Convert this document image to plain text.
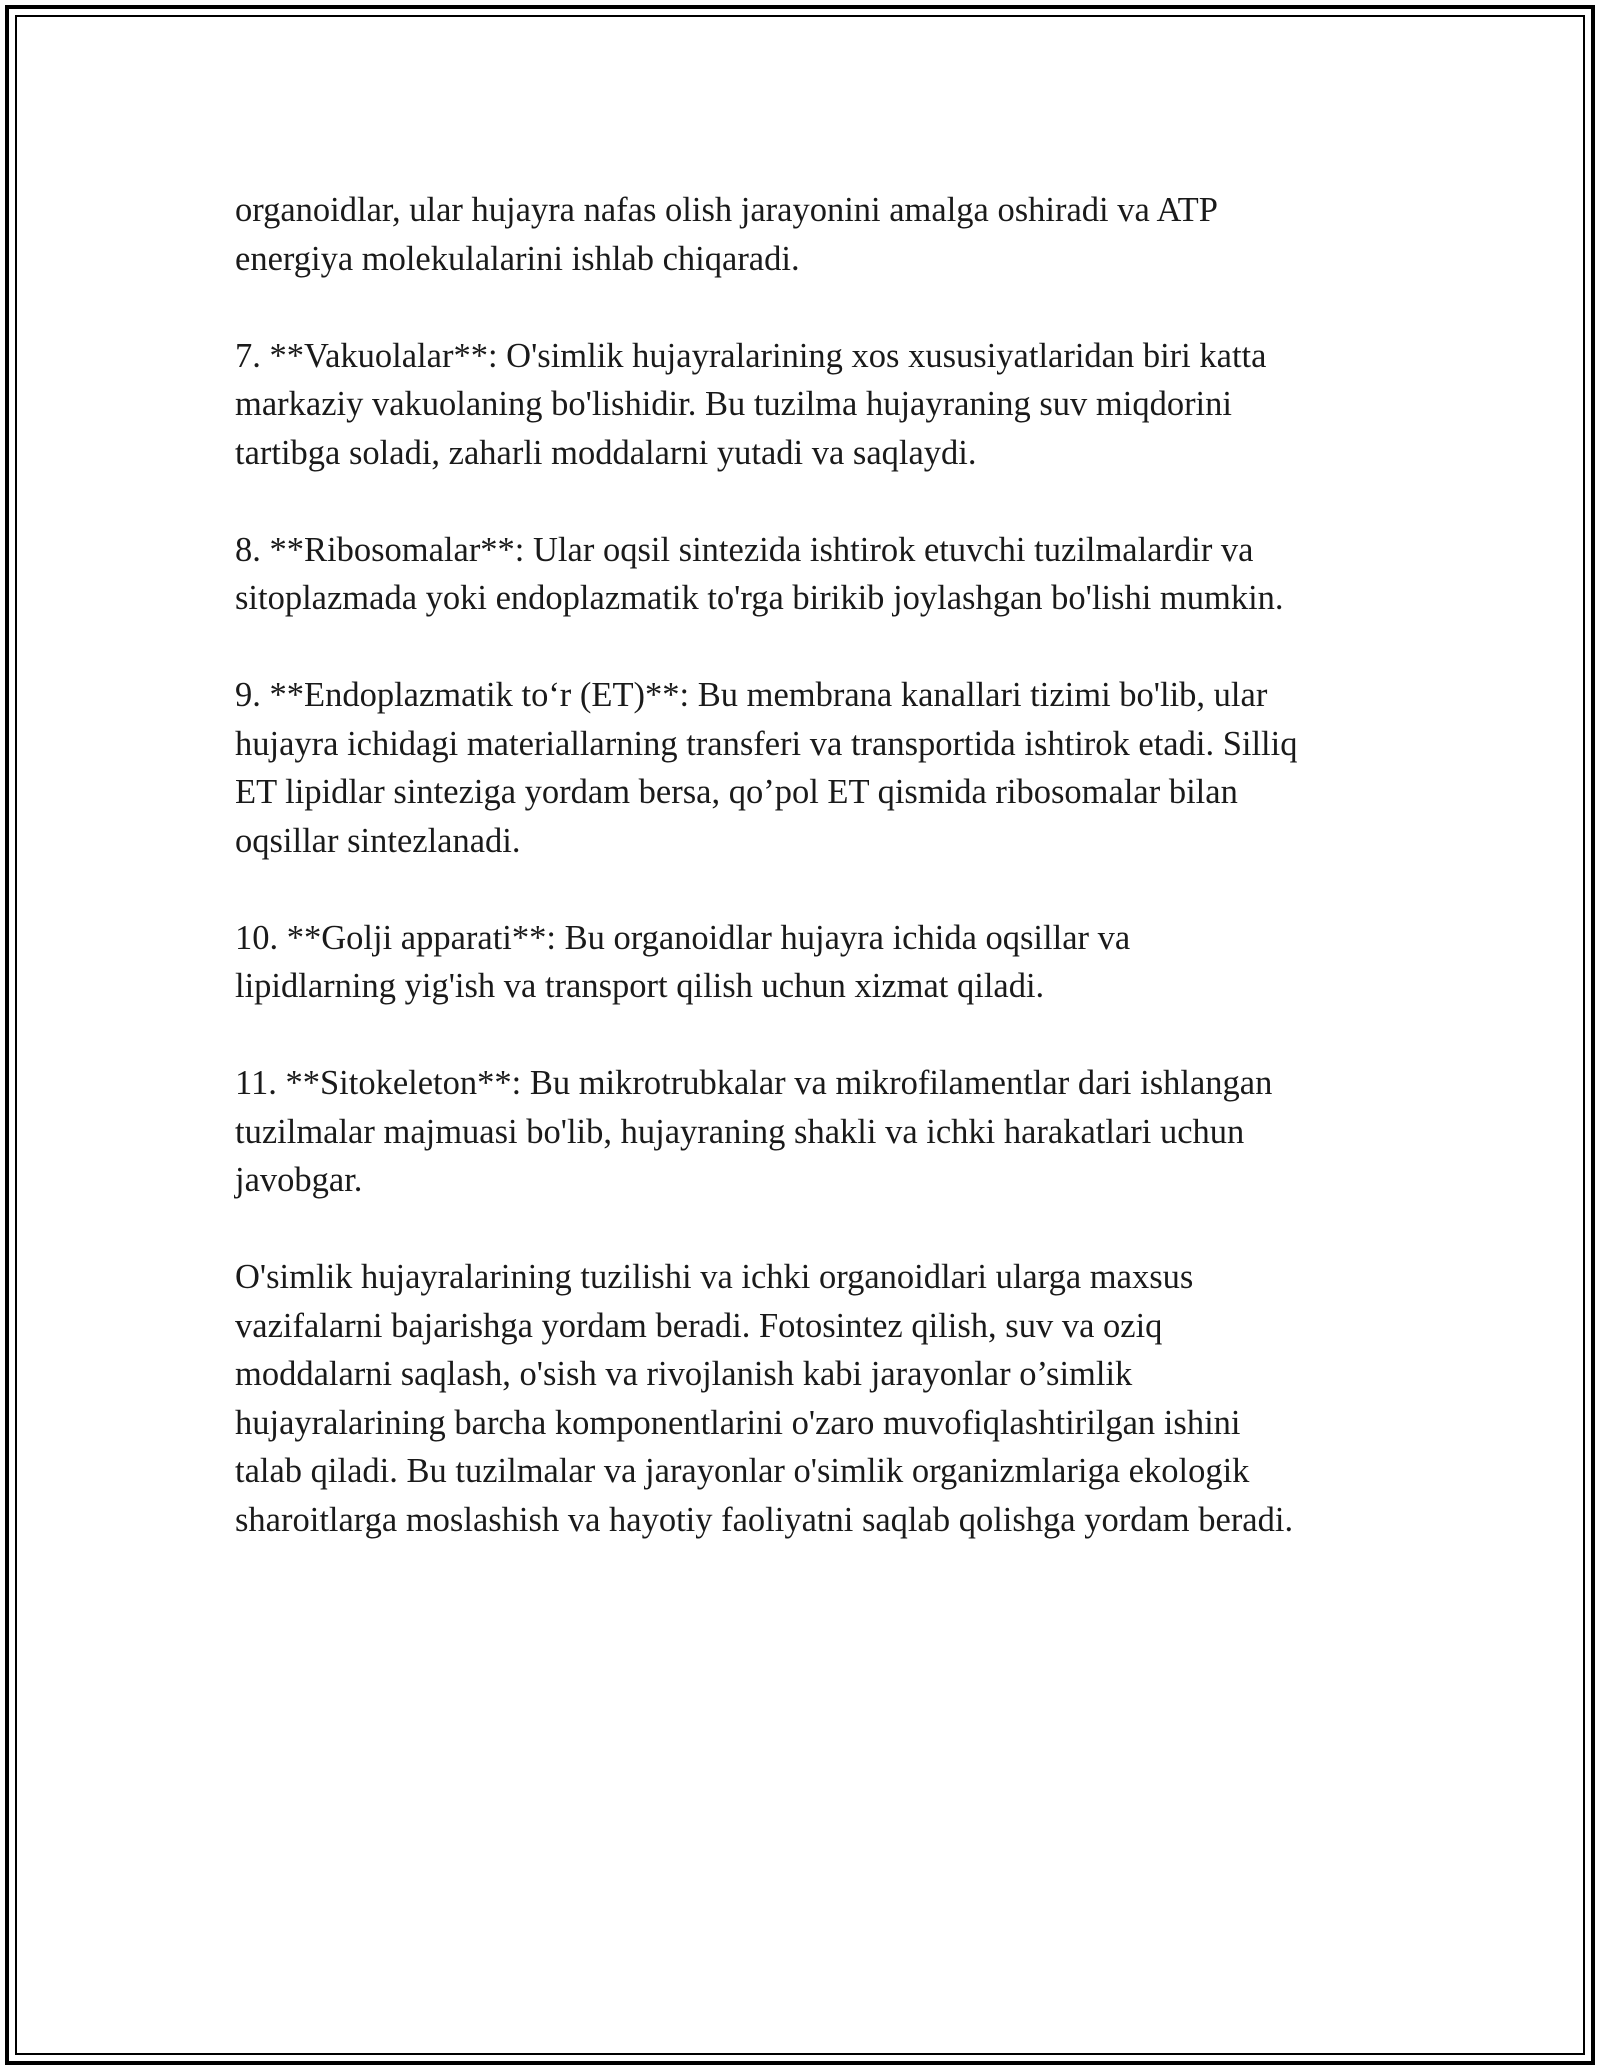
organoidlar, ular hujayra nafas olish jarayonini amalga oshiradi va ATP
energiya molekulalarini ishlab chiqaradi.

7. **Vakuolalar**: O'simlik hujayralarining xos xususiyatlaridan biri katta
markaziy vakuolaning bo'lishidir. Bu tuzilma hujayraning suv miqdorini
tartibga soladi, zaharli moddalarni yutadi va saqlaydi.

8. **Ribosomalar**: Ular oqsil sintezida ishtirok etuvchi tuzilmalardir va
sitoplazmada yoki endoplazmatik to'rga birikib joylashgan bo'lishi mumkin.

9. **Endoplazmatik to‘r (ET)**: Bu membrana kanallari tizimi bo'lib, ular
hujayra ichidagi materiallarning transferi va transportida ishtirok etadi. Silliq
ET lipidlar sinteziga yordam bersa, qo’pol ET qismida ribosomalar bilan
oqsillar sintezlanadi.

10. **Golji apparati**: Bu organoidlar hujayra ichida oqsillar va
lipidlarning yig'ish va transport qilish uchun xizmat qiladi.

11. **Sitokeleton**: Bu mikrotrubkalar va mikrofilamentlar dari ishlangan
tuzilmalar majmuasi bo'lib, hujayraning shakli va ichki harakatlari uchun
javobgar.

O'simlik hujayralarining tuzilishi va ichki organoidlari ularga maxsus
vazifalarni bajarishga yordam beradi. Fotosintez qilish, suv va oziq
moddalarni saqlash, o'sish va rivojlanish kabi jarayonlar o’simlik
hujayralarining barcha komponentlarini o'zaro muvofiqlashtirilgan ishini
talab qiladi. Bu tuzilmalar va jarayonlar o'simlik organizmlariga ekologik
sharoitlarga moslashish va hayotiy faoliyatni saqlab qolishga yordam beradi.
